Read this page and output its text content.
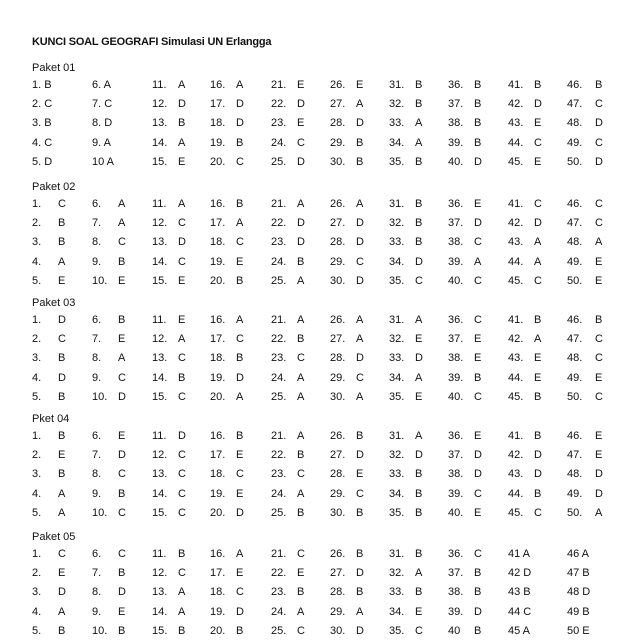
KUNCI SOAL GEOGRAFI Simulasi UN Erlangga
Paket 01
1. B	6. A	11. A 16. A	21. E 26. E 31. B 36. B 41. B 46. B
2. C	7. C	12. D 17. D 22. D 27. A 32. B 37. B 42. D 47. C
3. B	8. D	13. B 18. D 23. E 28. D 33. A 38. B 43. E 48. D
4. C	9. A	14. A 19. B	24. C 29. B 34. A 39. B 44. C 49. C
5. D	10 A	15. E 20. C 25. D 30. B 35. B 40. D 45. E 50. D
Paket 02
1. C 6. A 11. A 16. B	21. A 26. A 31. B 36. E 41. C 46. C
2. B 7. A 12. C 17. A	22. D 27. D 32. B 37. D 42. D 47. C
3. B 8. C 13. D 18. C 23. D 28. D 33. B 38. C 43. A 48. A
4. A 9. B 14. C 19. E	24. B 29. C 34. D 39. A 44. A 49. E
5. E 10. E 15. E 20. B	25. A 30. D 35. C 40. C 45. C 50. E
Paket 03
1. D 6. B 11. E 16. A	21. A 26. A 31. A 36. C 41. B 46. B
2. C 7. E 12. A 17. C 22. B 27. A 32. E 37. E 42. A 47. C
3. B 8. A 13. C 18. B	23. C 28. D 33. D 38. E 43. E 48. C
4. D 9. C 14. B 19. D 24. A 29. C 34. A 39. B 44. E 49. E
5. B 10. D 15. C 20. A	25. A 30. A 35. E 40. C 45. B 50. C
Pket 04
1. B 6. E 11. D 16. B	21. A 26. B 31. A 36. E 41. B 46. E
2. E 7. D 12. C 17. E	22. B 27. D 32. D 37. D 42. D 47. E
3. B 8. C 13. C 18. C 23. C 28. E 33. B 38. D 43. D 48. D
4. A 9. B 14. C 19. E	24. A 29. C 34. B 39. C 44. B 49. D
5. A 10. C 15. C 20. D 25. B 30. B 35. B 40. E 45. C 50. A
Paket 05
1. C 6. C 11. B 16. A	21. C 26. B 31. B 36. C 41 A	46 A
2. E 7. B 12. C 17. E	22. E 27. D 32. A 37. B 42 D	47 B
3. D 8. D 13. A 18. C 23. B 28. B 33. B 38. B 43 B	48 D
4. A 9. E 14. A 19. D 24. A 29. A 34. E 39. D 44 C	49 B
5. B 10. B 15. B 20. B	25. C 30. D 35. C 40 B 45 A	50 E
